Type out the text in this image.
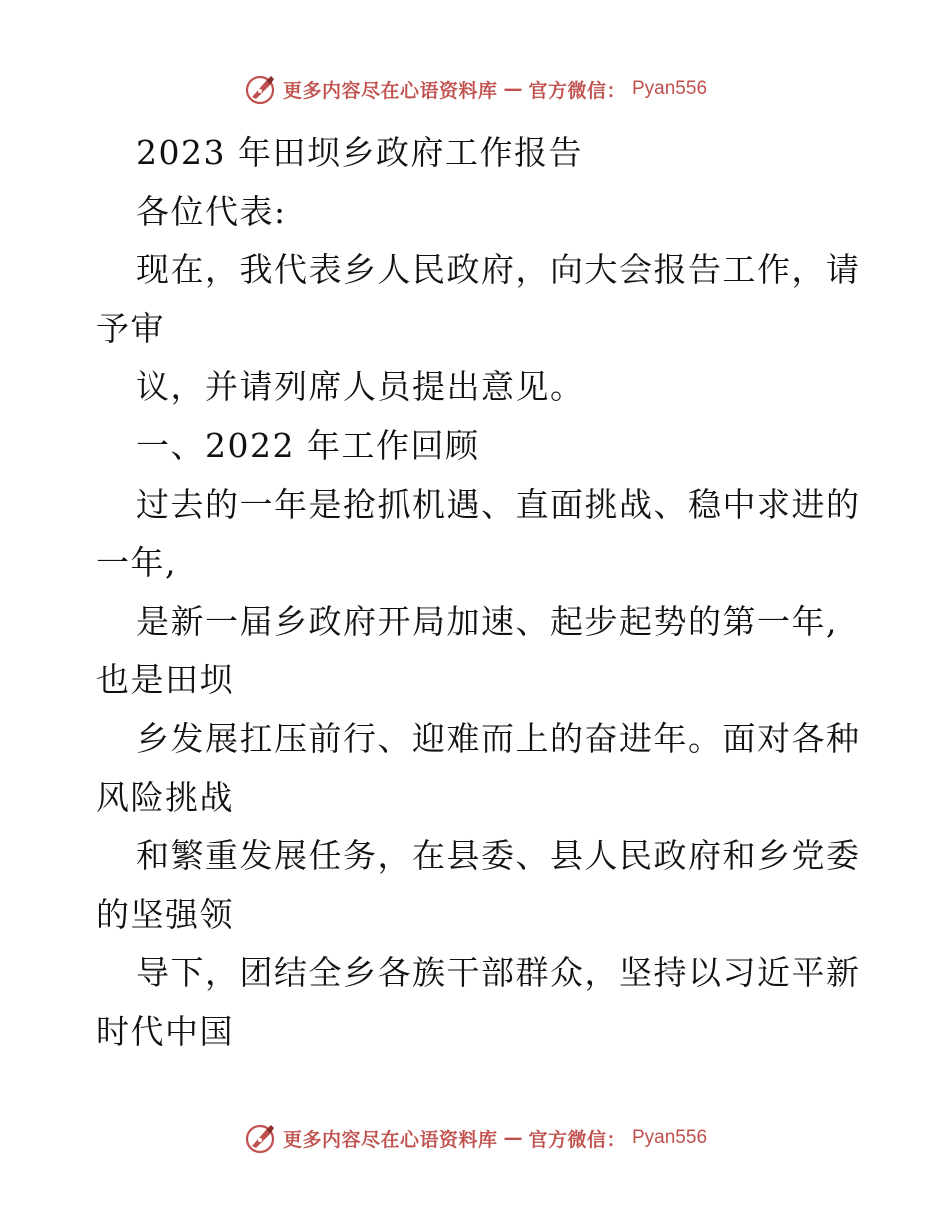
更多内容尽在心语资料库 — 官方微信： Pyan556
2023 年田坝乡政府工作报告
各位代表:
现在，我代表乡人民政府，向大会报告工作，请
予审
议，并请列席人员提出意见。
一、2022 年工作回顾
过去的一年是抢抓机遇、直面挑战、稳中求进的
一年,
是新一届乡政府开局加速、起步起势的第一年,
也是田坝
乡发展扛压前行、迎难而上的奋进年。面对各种
风险挑战
和繁重发展任务，在县委、县人民政府和乡党委
的坚强领
导下，团结全乡各族干部群众，坚持以习近平新
时代中国
更多内容尽在心语资料库 — 官方微信： Pyan556
